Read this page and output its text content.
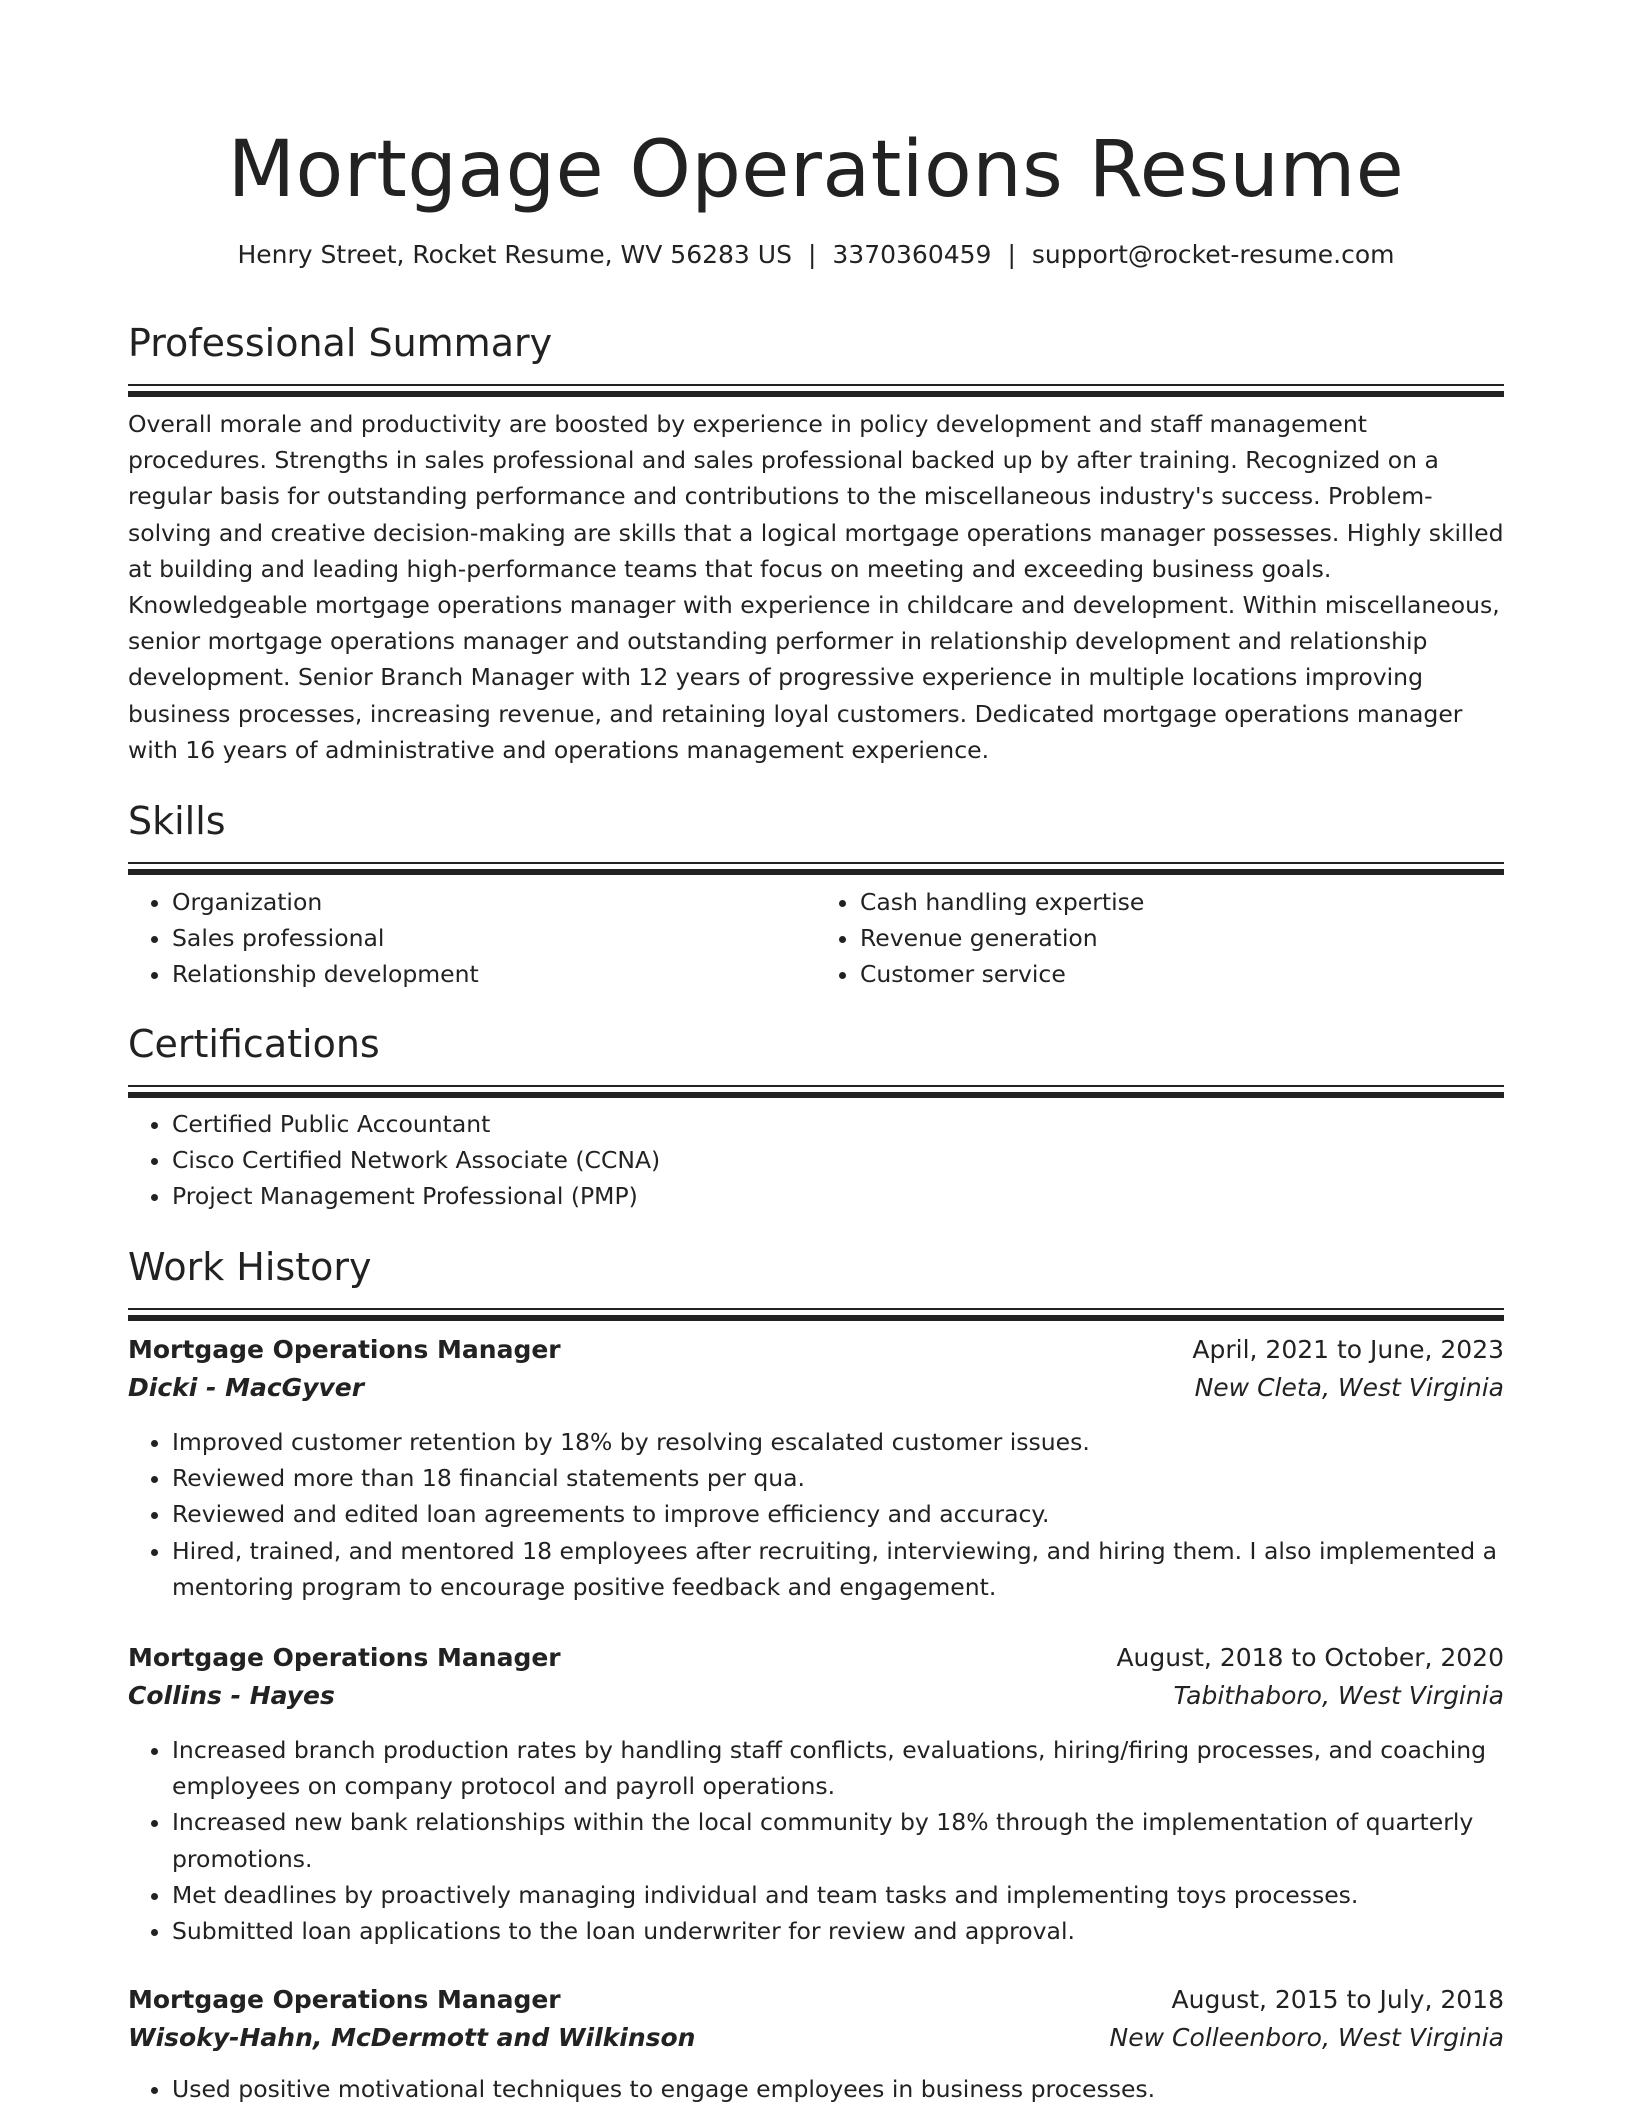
Mortgage Operations Resume
Henry Street, Rocket Resume, WV 56283 US | 3370360459 | support@rocket-resume.com
Professional Summary

Overall morale and productivity are boosted by experience in policy development and staff management procedures. Strengths in sales professional and sales professional backed up by after training. Recognized on a regular basis for outstanding performance and contributions to the miscellaneous industry's success. Problem-solving and creative decision-making are skills that a logical mortgage operations manager possesses. Highly skilled at building and leading high-performance teams that focus on meeting and exceeding business goals. Knowledgeable mortgage operations manager with experience in childcare and development. Within miscellaneous, senior mortgage operations manager and outstanding performer in relationship development and relationship development. Senior Branch Manager with 12 years of progressive experience in multiple locations improving business processes, increasing revenue, and retaining loyal customers. Dedicated mortgage operations manager with 16 years of administrative and operations management experience.

Skills
• Organization
• Sales professional
• Relationship development
• Cash handling expertise
• Revenue generation
• Customer service
Certifications
• Certified Public Accountant
• Cisco Certified Network Associate (CCNA)
• Project Management Professional (PMP)
Work History
Mortgage Operations Manager	April, 2021 to June, 2023
Dicki - MacGyver	New Cleta, West Virginia
• Improved customer retention by 18% by resolving escalated customer issues.
• Reviewed more than 18 financial statements per qua.
• Reviewed and edited loan agreements to improve efficiency and accuracy.
• Hired, trained, and mentored 18 employees after recruiting, interviewing, and hiring them. I also implemented a mentoring program to encourage positive feedback and engagement.
Mortgage Operations Manager	August, 2018 to October, 2020
Collins - Hayes	Tabithaboro, West Virginia
• Increased branch production rates by handling staff conflicts, evaluations, hiring/firing processes, and coaching employees on company protocol and payroll operations.
• Increased new bank relationships within the local community by 18% through the implementation of quarterly promotions.
• Met deadlines by proactively managing individual and team tasks and implementing toys processes.
• Submitted loan applications to the loan underwriter for review and approval.
Mortgage Operations Manager	August, 2015 to July, 2018
Wisoky-Hahn, McDermott and Wilkinson	New Colleenboro, West Virginia
• Used positive motivational techniques to engage employees in business processes.
